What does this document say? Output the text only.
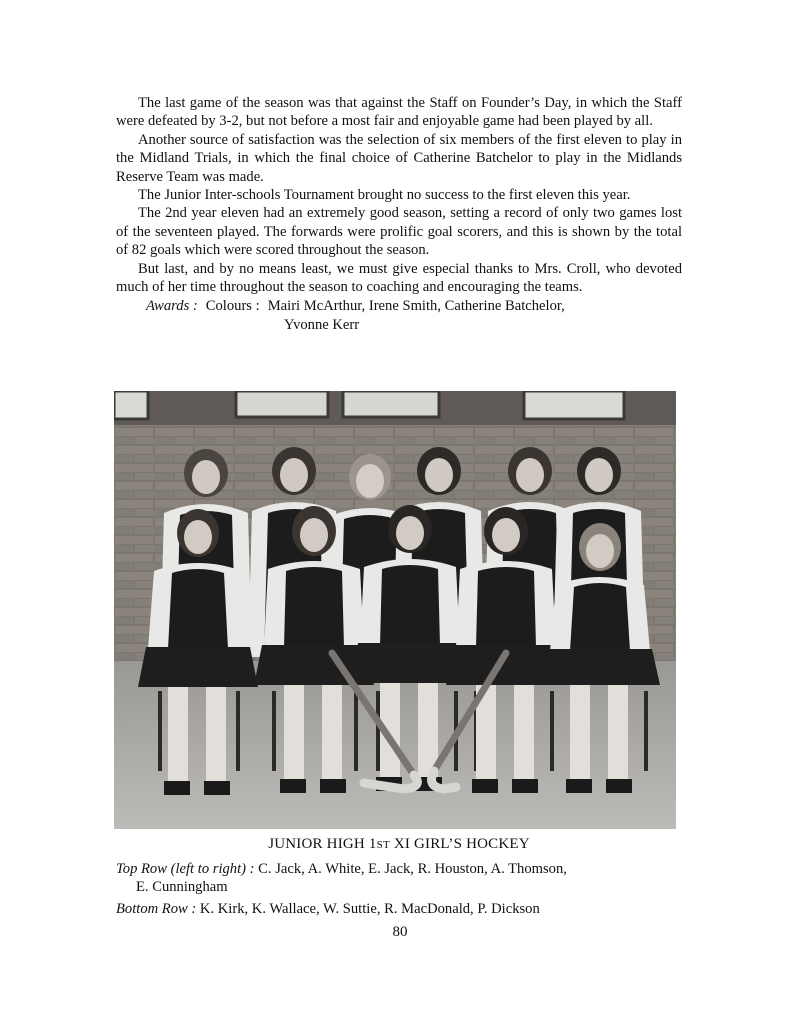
The last game of the season was that against the Staff on Founder’s Day, in which the Staff were defeated by 3-2, but not before a most fair and enjoyable game had been played by all.

Another source of satisfaction was the selection of six members of the first eleven to play in the Midland Trials, in which the final choice of Catherine Batchelor to play in the Midlands Reserve Team was made.

The Junior Inter-schools Tournament brought no success to the first eleven this year.

The 2nd year eleven had an extremely good season, setting a record of only two games lost of the seventeen played. The forwards were prolific goal scorers, and this is shown by the total of 82 goals which were scored throughout the season.

But last, and by no means least, we must give especial thanks to Mrs. Croll, who devoted much of her time throughout the season to coaching and encouraging the teams.

Awards : Colours : Mairi McArthur, Irene Smith, Catherine Batchelor,
Yvonne Kerr
JUNIOR HIGH 1ST XI GIRL’S HOCKEY
Top Row (left to right) : C. Jack, A. White, E. Jack, R. Houston, A. Thomson,
E. Cunningham
Bottom Row : K. Kirk, K. Wallace, W. Suttie, R. MacDonald, P. Dickson
80
